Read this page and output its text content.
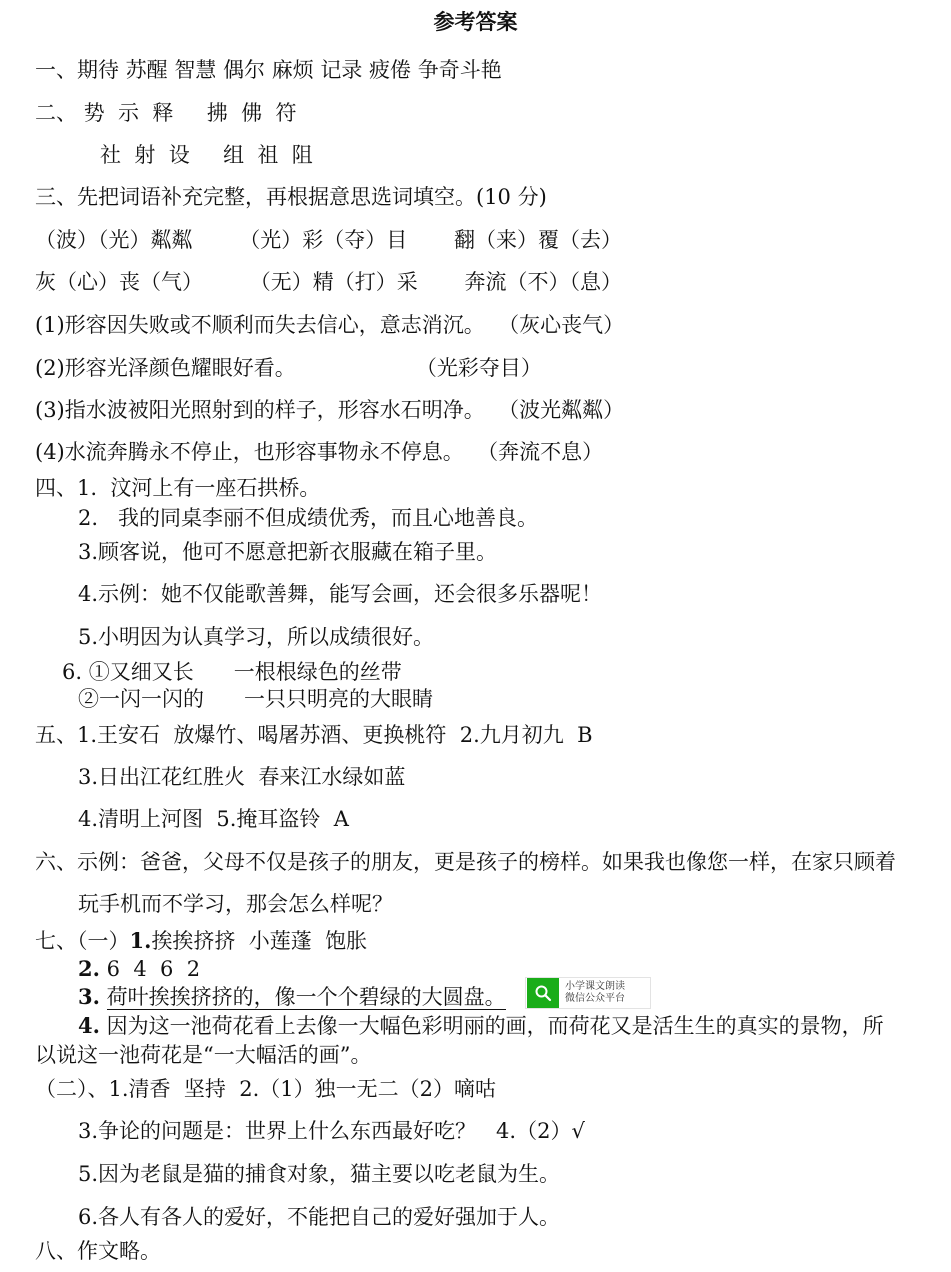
参考答案
一、期待 苏醒 智慧 偶尔 麻烦 记录 疲倦 争奇斗艳
二、 势  示  释     拂  佛  符
社  射  设     组  祖  阻
三、先把词语补充完整，再根据意思选词填空。(10 分)
（波）（光）粼粼       （光）彩（夺）目       翻（来）覆（去）
灰（心）丧（气）       （无）精（打）采       奔流（不）（息）
(1)形容因失败或不顺利而失去信心，意志消沉。  （灰心丧气）
(2)形容光泽颜色耀眼好看。                  （光彩夺目）
(3)指水波被阳光照射到的样子，形容水石明净。  （波光粼粼）
(4)水流奔腾永不停止，也形容事物永不停息。  （奔流不息）
四、1.  汶河上有一座石拱桥。
2.   我的同桌李丽不但成绩优秀，而且心地善良。
3.顾客说，他可不愿意把新衣服藏在箱子里。
4.示例：她不仅能歌善舞，能写会画，还会很多乐器呢！
5.小明因为认真学习，所以成绩很好。
6. ①又细又长      一根根绿色的丝带
②一闪一闪的      一只只明亮的大眼睛
五、1.王安石  放爆竹、喝屠苏酒、更换桃符  2.九月初九  B
3.日出江花红胜火  春来江水绿如蓝
4.清明上河图  5.掩耳盗铃  A
六、示例：爸爸，父母不仅是孩子的朋友，更是孩子的榜样。如果我也像您一样，在家只顾着
玩手机而不学习，那会怎么样呢？
七、（一）1.挨挨挤挤  小莲蓬  饱胀
2. 6  4  6  2
3. 荷叶挨挨挤挤的，像一个个碧绿的大圆盘。
4. 因为这一池荷花看上去像一大幅色彩明丽的画，而荷花又是活生生的真实的景物，所
以说这一池荷花是“一大幅活的画”。
（二）、1.清香  坚持  2.（1）独一无二（2）嘀咕
3.争论的问题是：世界上什么东西最好吃？   4.（2）√
5.因为老鼠是猫的捕食对象，猫主要以吃老鼠为生。
6.各人有各人的爱好，不能把自己的爱好强加于人。
八、作文略。
小学课文朗读
微信公众平台
